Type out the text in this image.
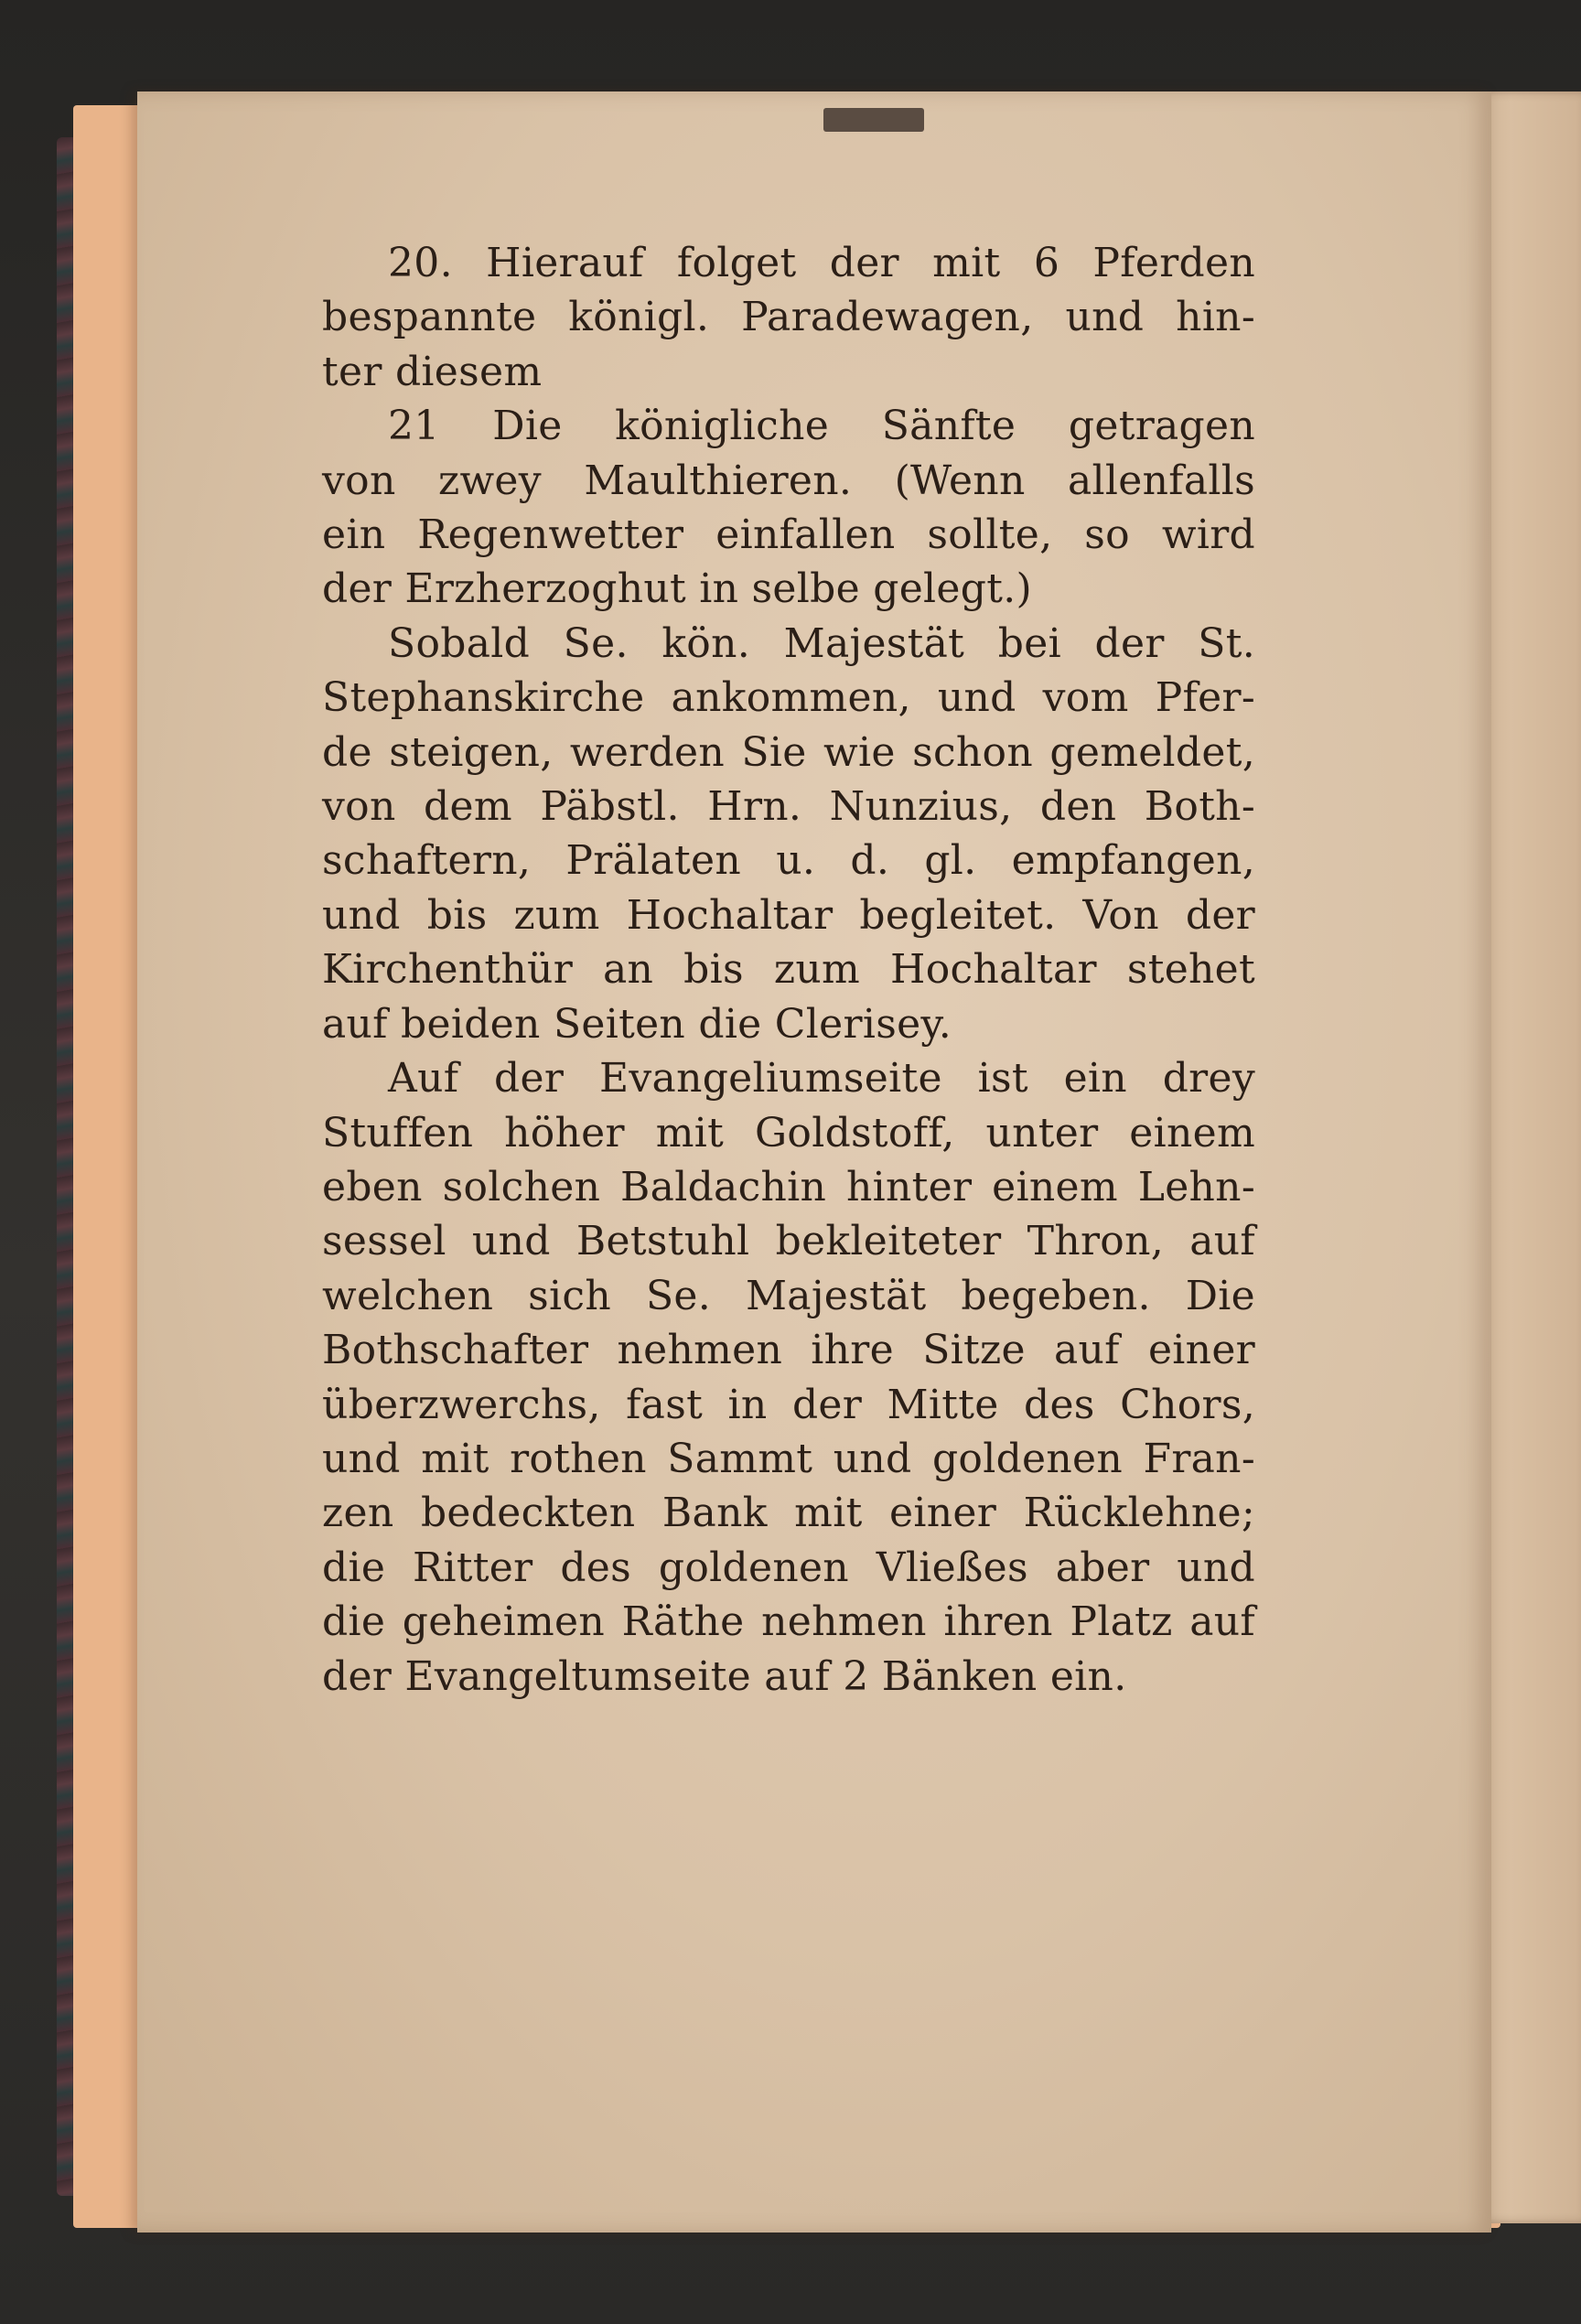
20. Hierauf folget der mit 6 Pferden
bespannte königl. Paradewagen, und hin-
ter diesem
21 Die königliche Sänfte getragen
von zwey Maulthieren. (Wenn allenfalls
ein Regenwetter einfallen sollte, so wird
der Erzherzoghut in selbe gelegt.)
Sobald Se. kön. Majestät bei der St.
Stephanskirche ankommen, und vom Pfer-
de steigen, werden Sie wie schon gemeldet,
von dem Päbstl. Hrn. Nunzius, den Both-
schaftern, Prälaten u. d. gl. empfangen,
und bis zum Hochaltar begleitet. Von der
Kirchenthür an bis zum Hochaltar stehet
auf beiden Seiten die Clerisey.
Auf der Evangeliumseite ist ein drey
Stuffen höher mit Goldstoff, unter einem
eben solchen Baldachin hinter einem Lehn-
sessel und Betstuhl bekleiteter Thron, auf
welchen sich Se. Majestät begeben. Die
Bothschafter nehmen ihre Sitze auf einer
überzwerchs, fast in der Mitte des Chors,
und mit rothen Sammt und goldenen Fran-
zen bedeckten Bank mit einer Rücklehne;
die Ritter des goldenen Vließes aber und
die geheimen Räthe nehmen ihren Platz auf
der Evangeltumseite auf 2 Bänken ein.
